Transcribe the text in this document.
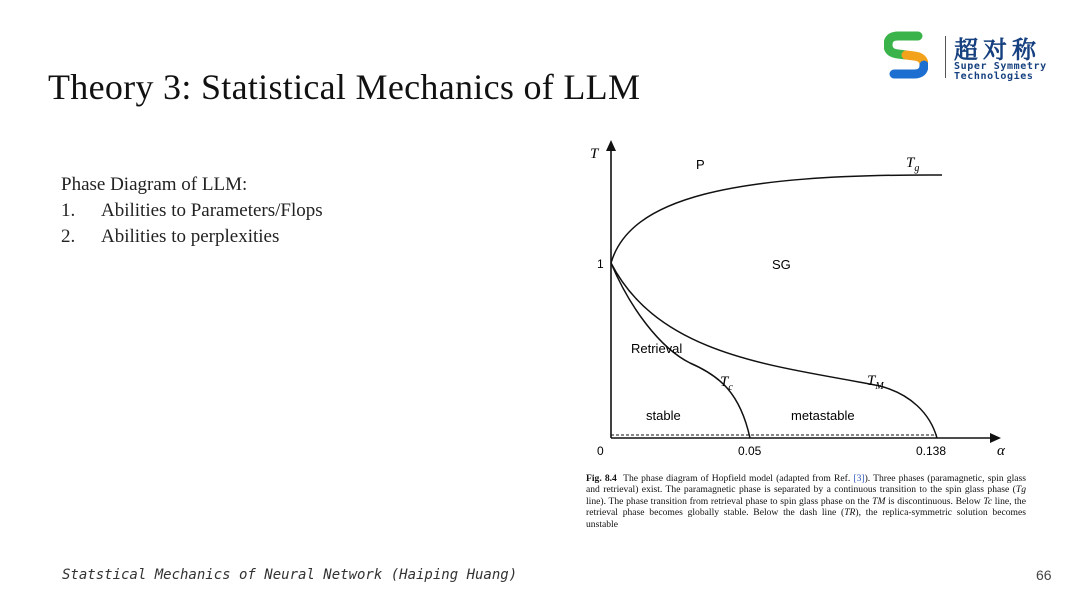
Theory 3: Statistical Mechanics of LLM
超对称
Super Symmetry
Technologies
Phase Diagram of LLM:
1. Abilities to Parameters/Flops
2. Abilities to perplexities
T
α
1
0	0.05	0.138
P	$T_g$
SG
Retrieval
$T_c$	$T_M$
stable	metastable
Fig. 8.4 The phase diagram of Hopfield model (adapted from Ref. [3]). Three phases (paramagnetic, spin glass and retrieval) exist. The paramagnetic phase is separated by a continuous transition to the spin glass phase (Tg line). The phase transition from retrieval phase to spin glass phase on the TM is discontinuous. Below Tc line, the retrieval phase becomes globally stable. Below the dash line (TR), the replica-symmetric solution becomes unstable
Statstical Mechanics of Neural Network (Haiping Huang)	66
